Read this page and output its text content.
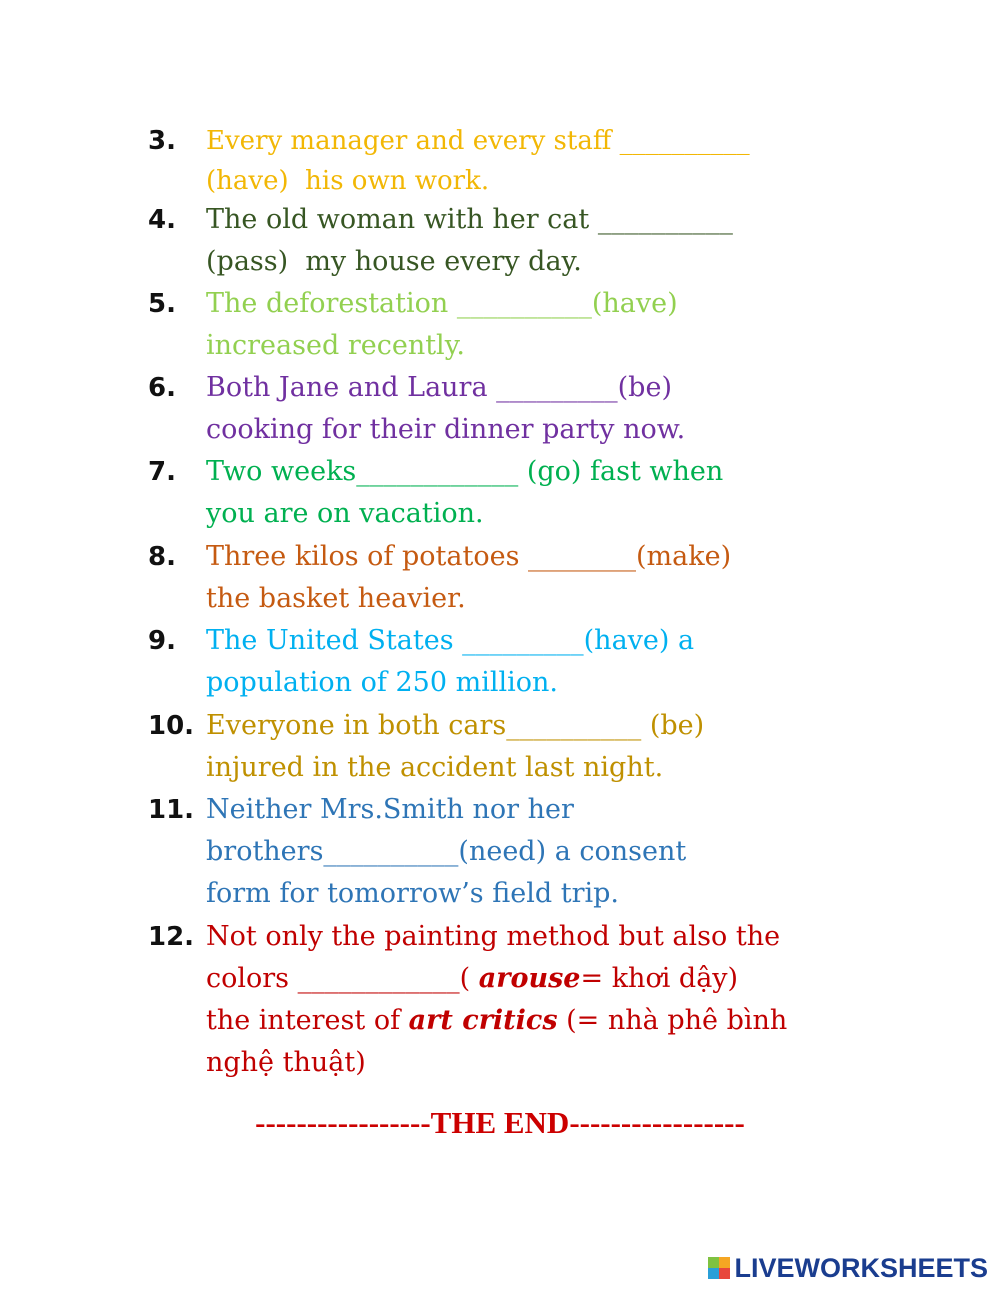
3. Every manager and every staff __________
(have)  his own work.
4. The old woman with her cat __________
(pass)  my house every day.
5. The deforestation __________(have)
increased recently.
6. Both Jane and Laura _________(be)
cooking for their dinner party now.
7. Two weeks____________ (go) fast when
you are on vacation.
8. Three kilos of potatoes ________(make)
the basket heavier.
9. The United States _________(have) a
population of 250 million.
10. Everyone in both cars__________ (be)
injured in the accident last night.
11. Neither Mrs.Smith nor her
brothers__________(need) a consent
form for tomorrow’s field trip.
12. Not only the painting method but also the
colors ____________( arouse= khơi dậy)
the interest of art critics (= nhà phê bình
nghệ thuật)
-----------------THE END-----------------
LIVEWORKSHEETS
